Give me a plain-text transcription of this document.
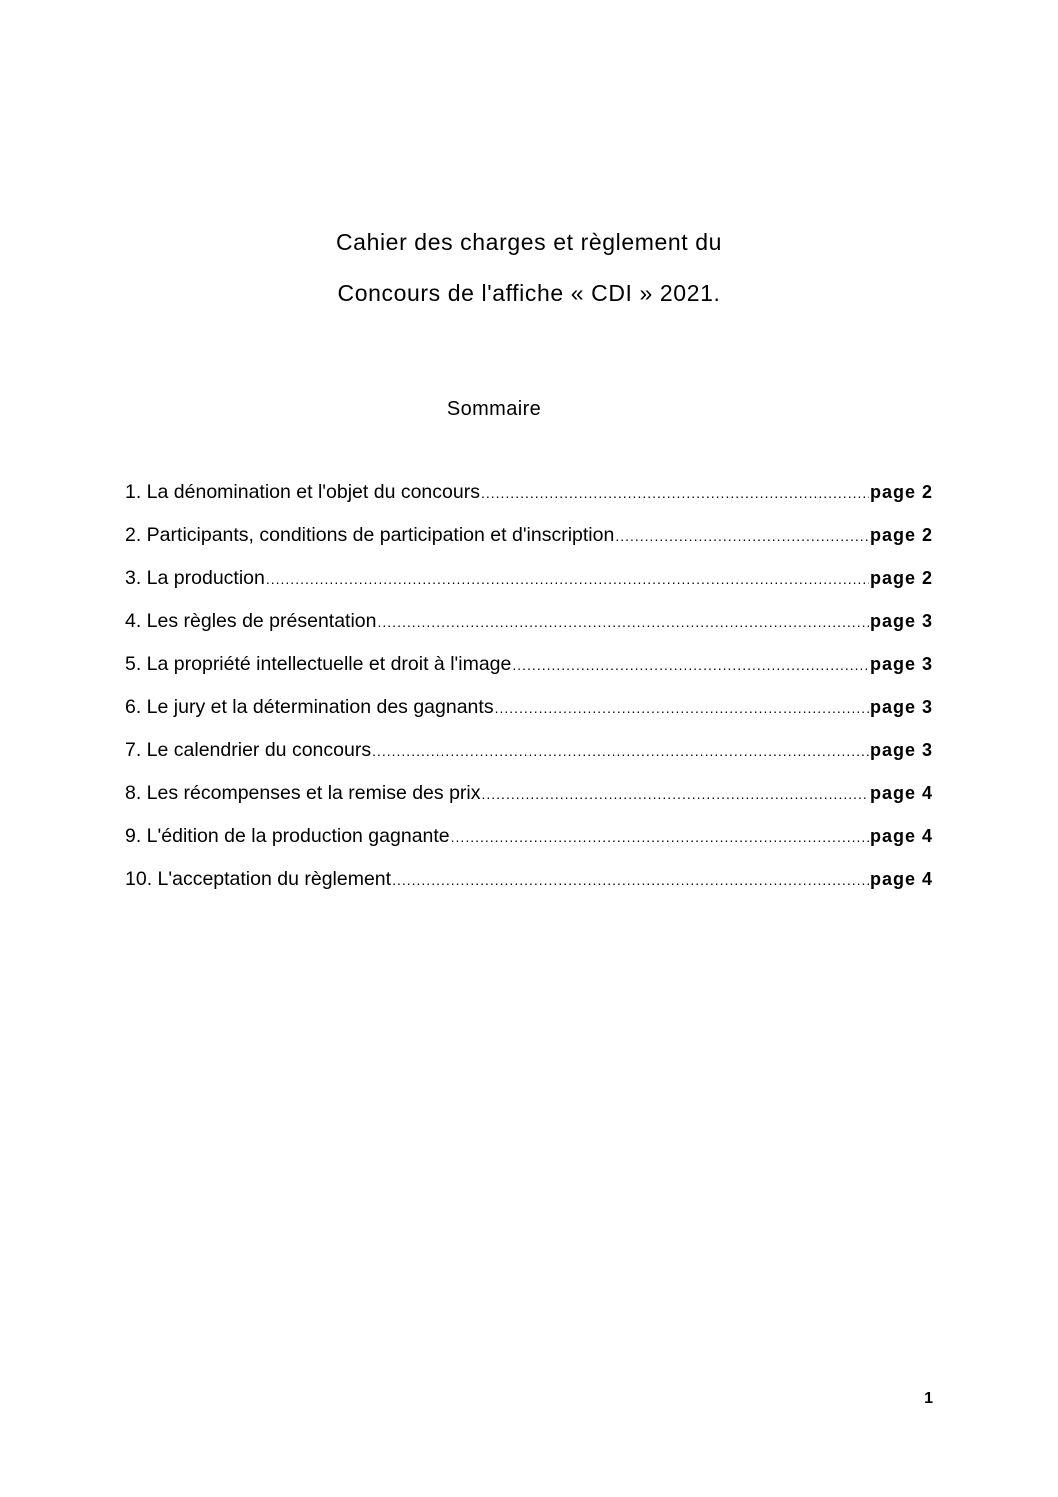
Cahier des charges et règlement du
Concours de l'affiche « CDI » 2021.
Sommaire
1. La dénomination et l'objet du concours .....	page 2
2. Participants, conditions de participation et d'inscription .....	page 2
3. La production .....	page 2
4. Les règles de présentation .....	page 3
5. La propriété intellectuelle et droit à l'image .....	page 3
6. Le jury et la détermination des gagnants .....	page 3
7. Le calendrier du concours .....	page 3
8. Les récompenses et la remise des prix .....	page 4
9. L'édition de la production gagnante .....	page 4
10. L'acceptation du règlement .....	page 4
1
